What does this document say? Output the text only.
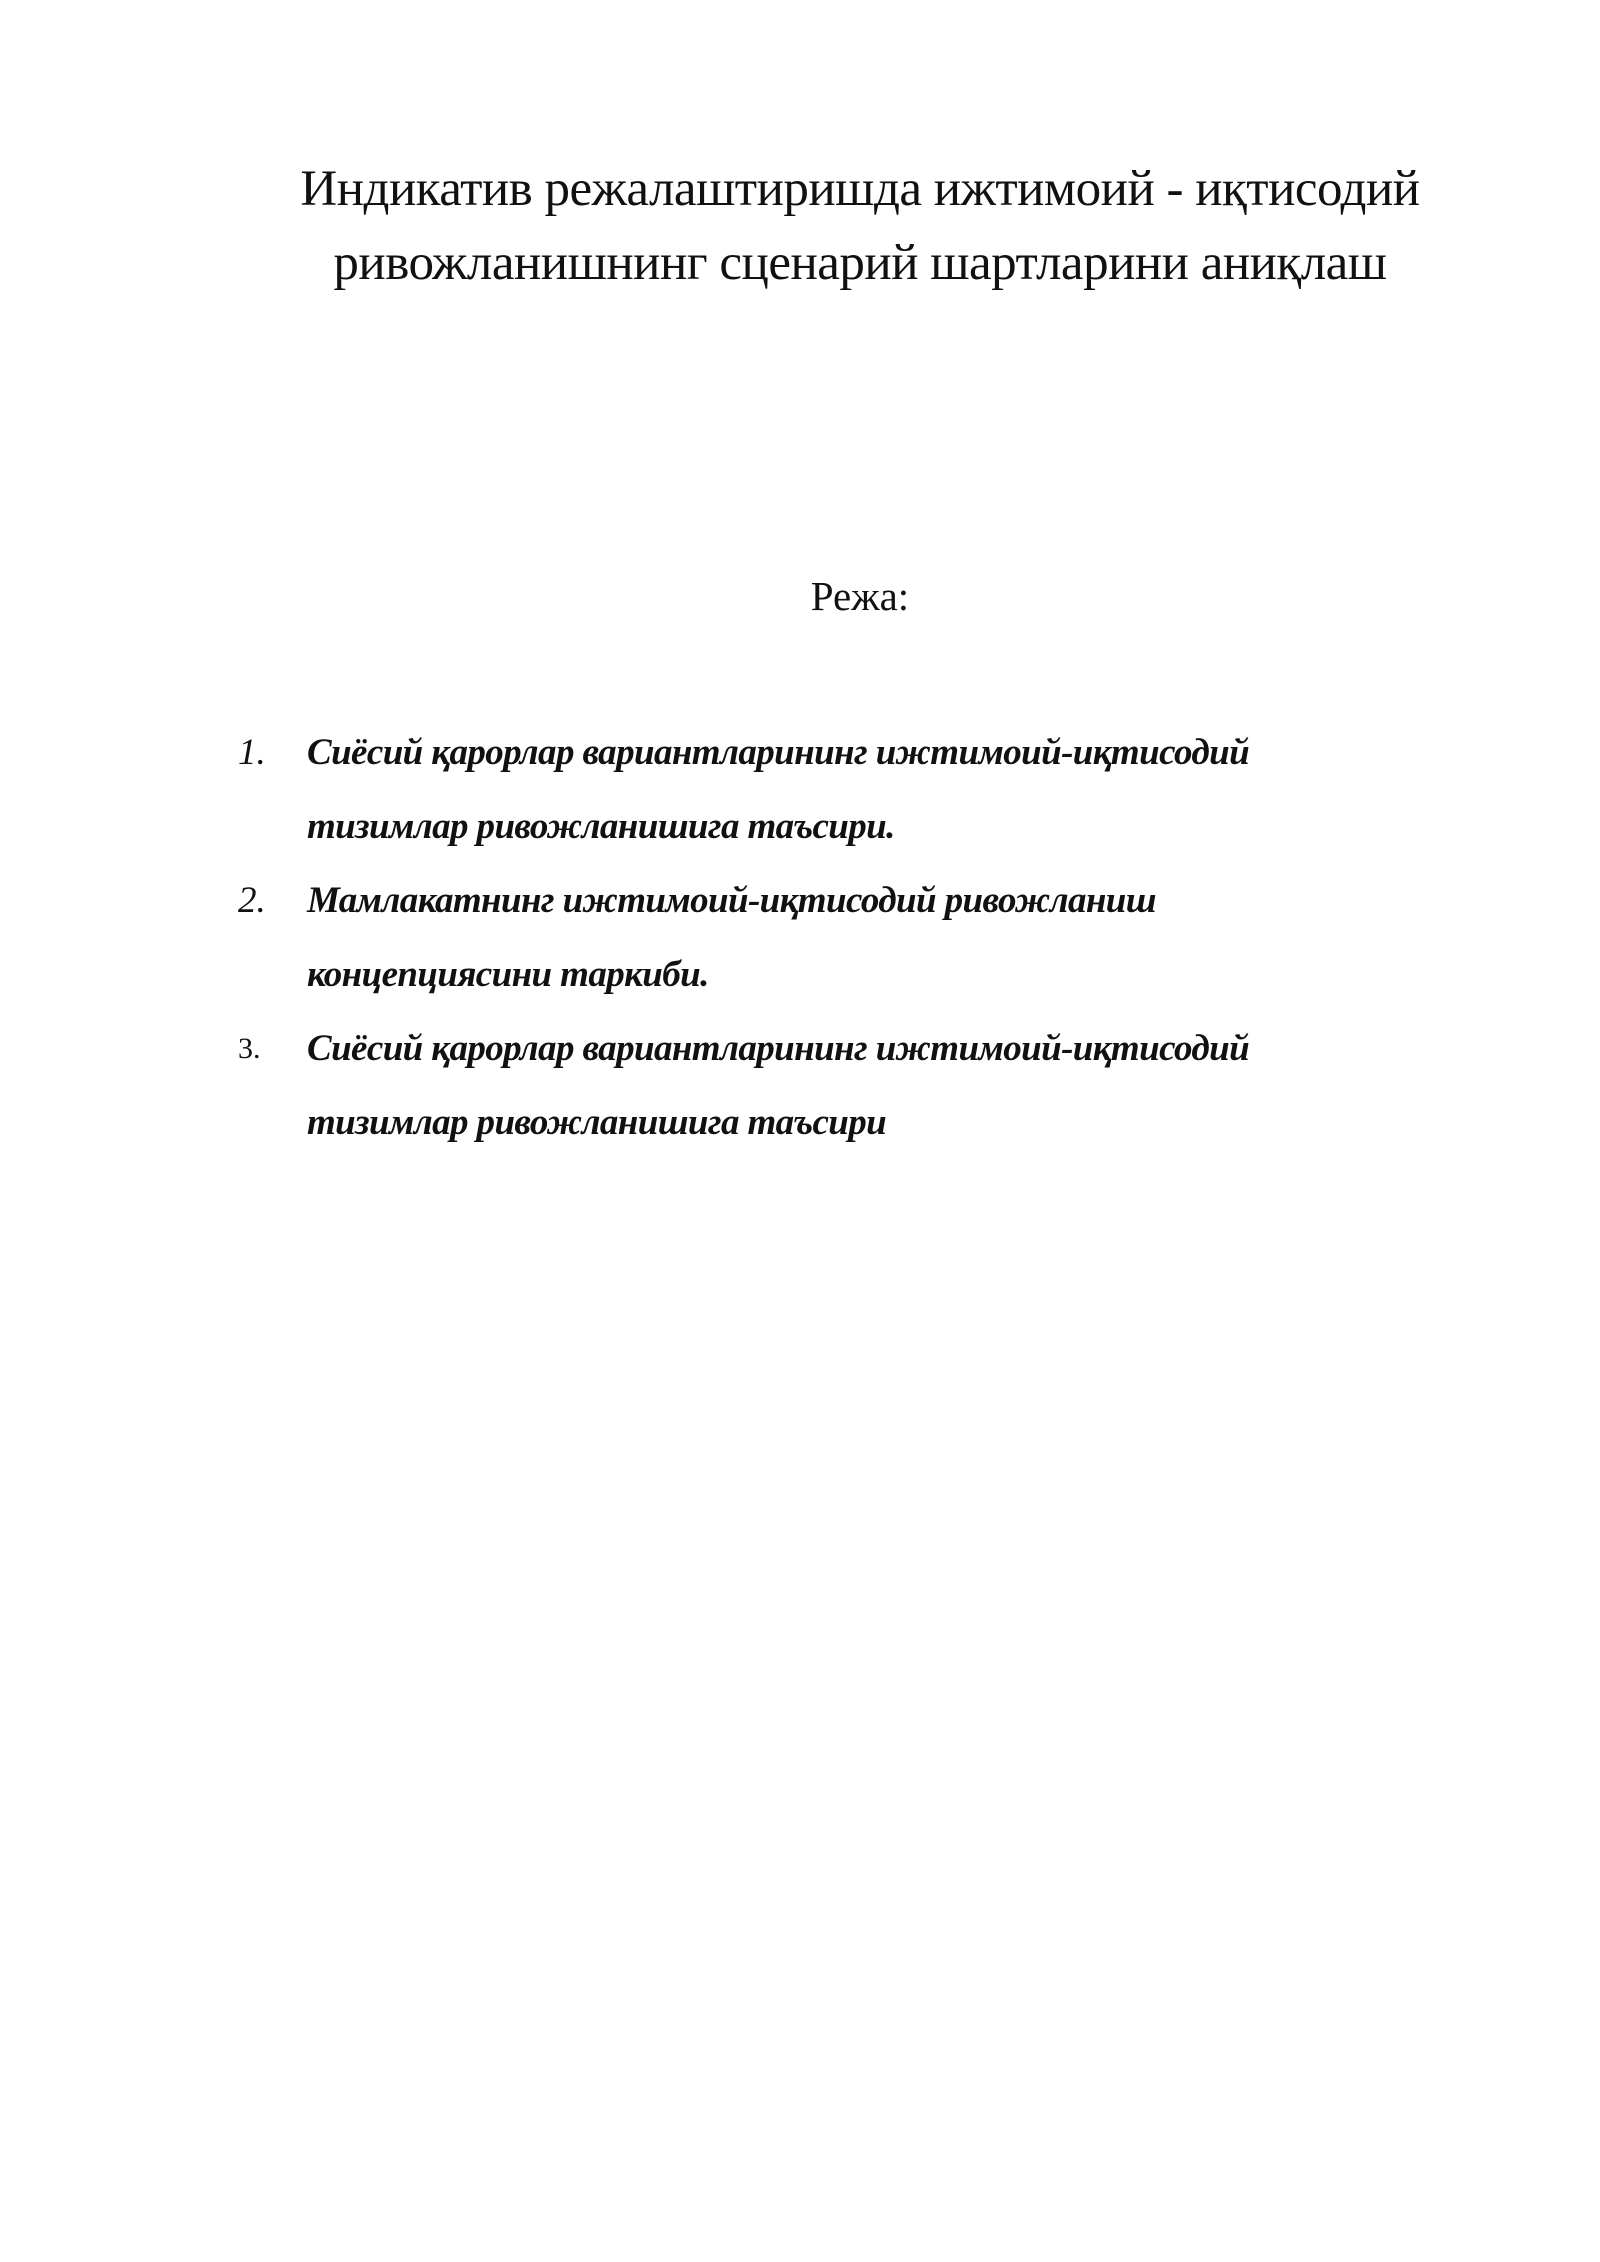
Индикатив режалаштиришда ижтимоий - иқтисодий
ривожланишнинг сценарий шартларини аниқлаш
Режа:
1. Сиёсий қарорлар вариантларининг ижтимоий-иқтисодий
тизимлар ривожланишига таъсири.
2. Мамлакатнинг ижтимоий-иқтисодий ривожланиш
концепциясини таркиби.
3. Сиёсий қарорлар вариантларининг ижтимоий-иқтисодий
тизимлар ривожланишига таъсири
